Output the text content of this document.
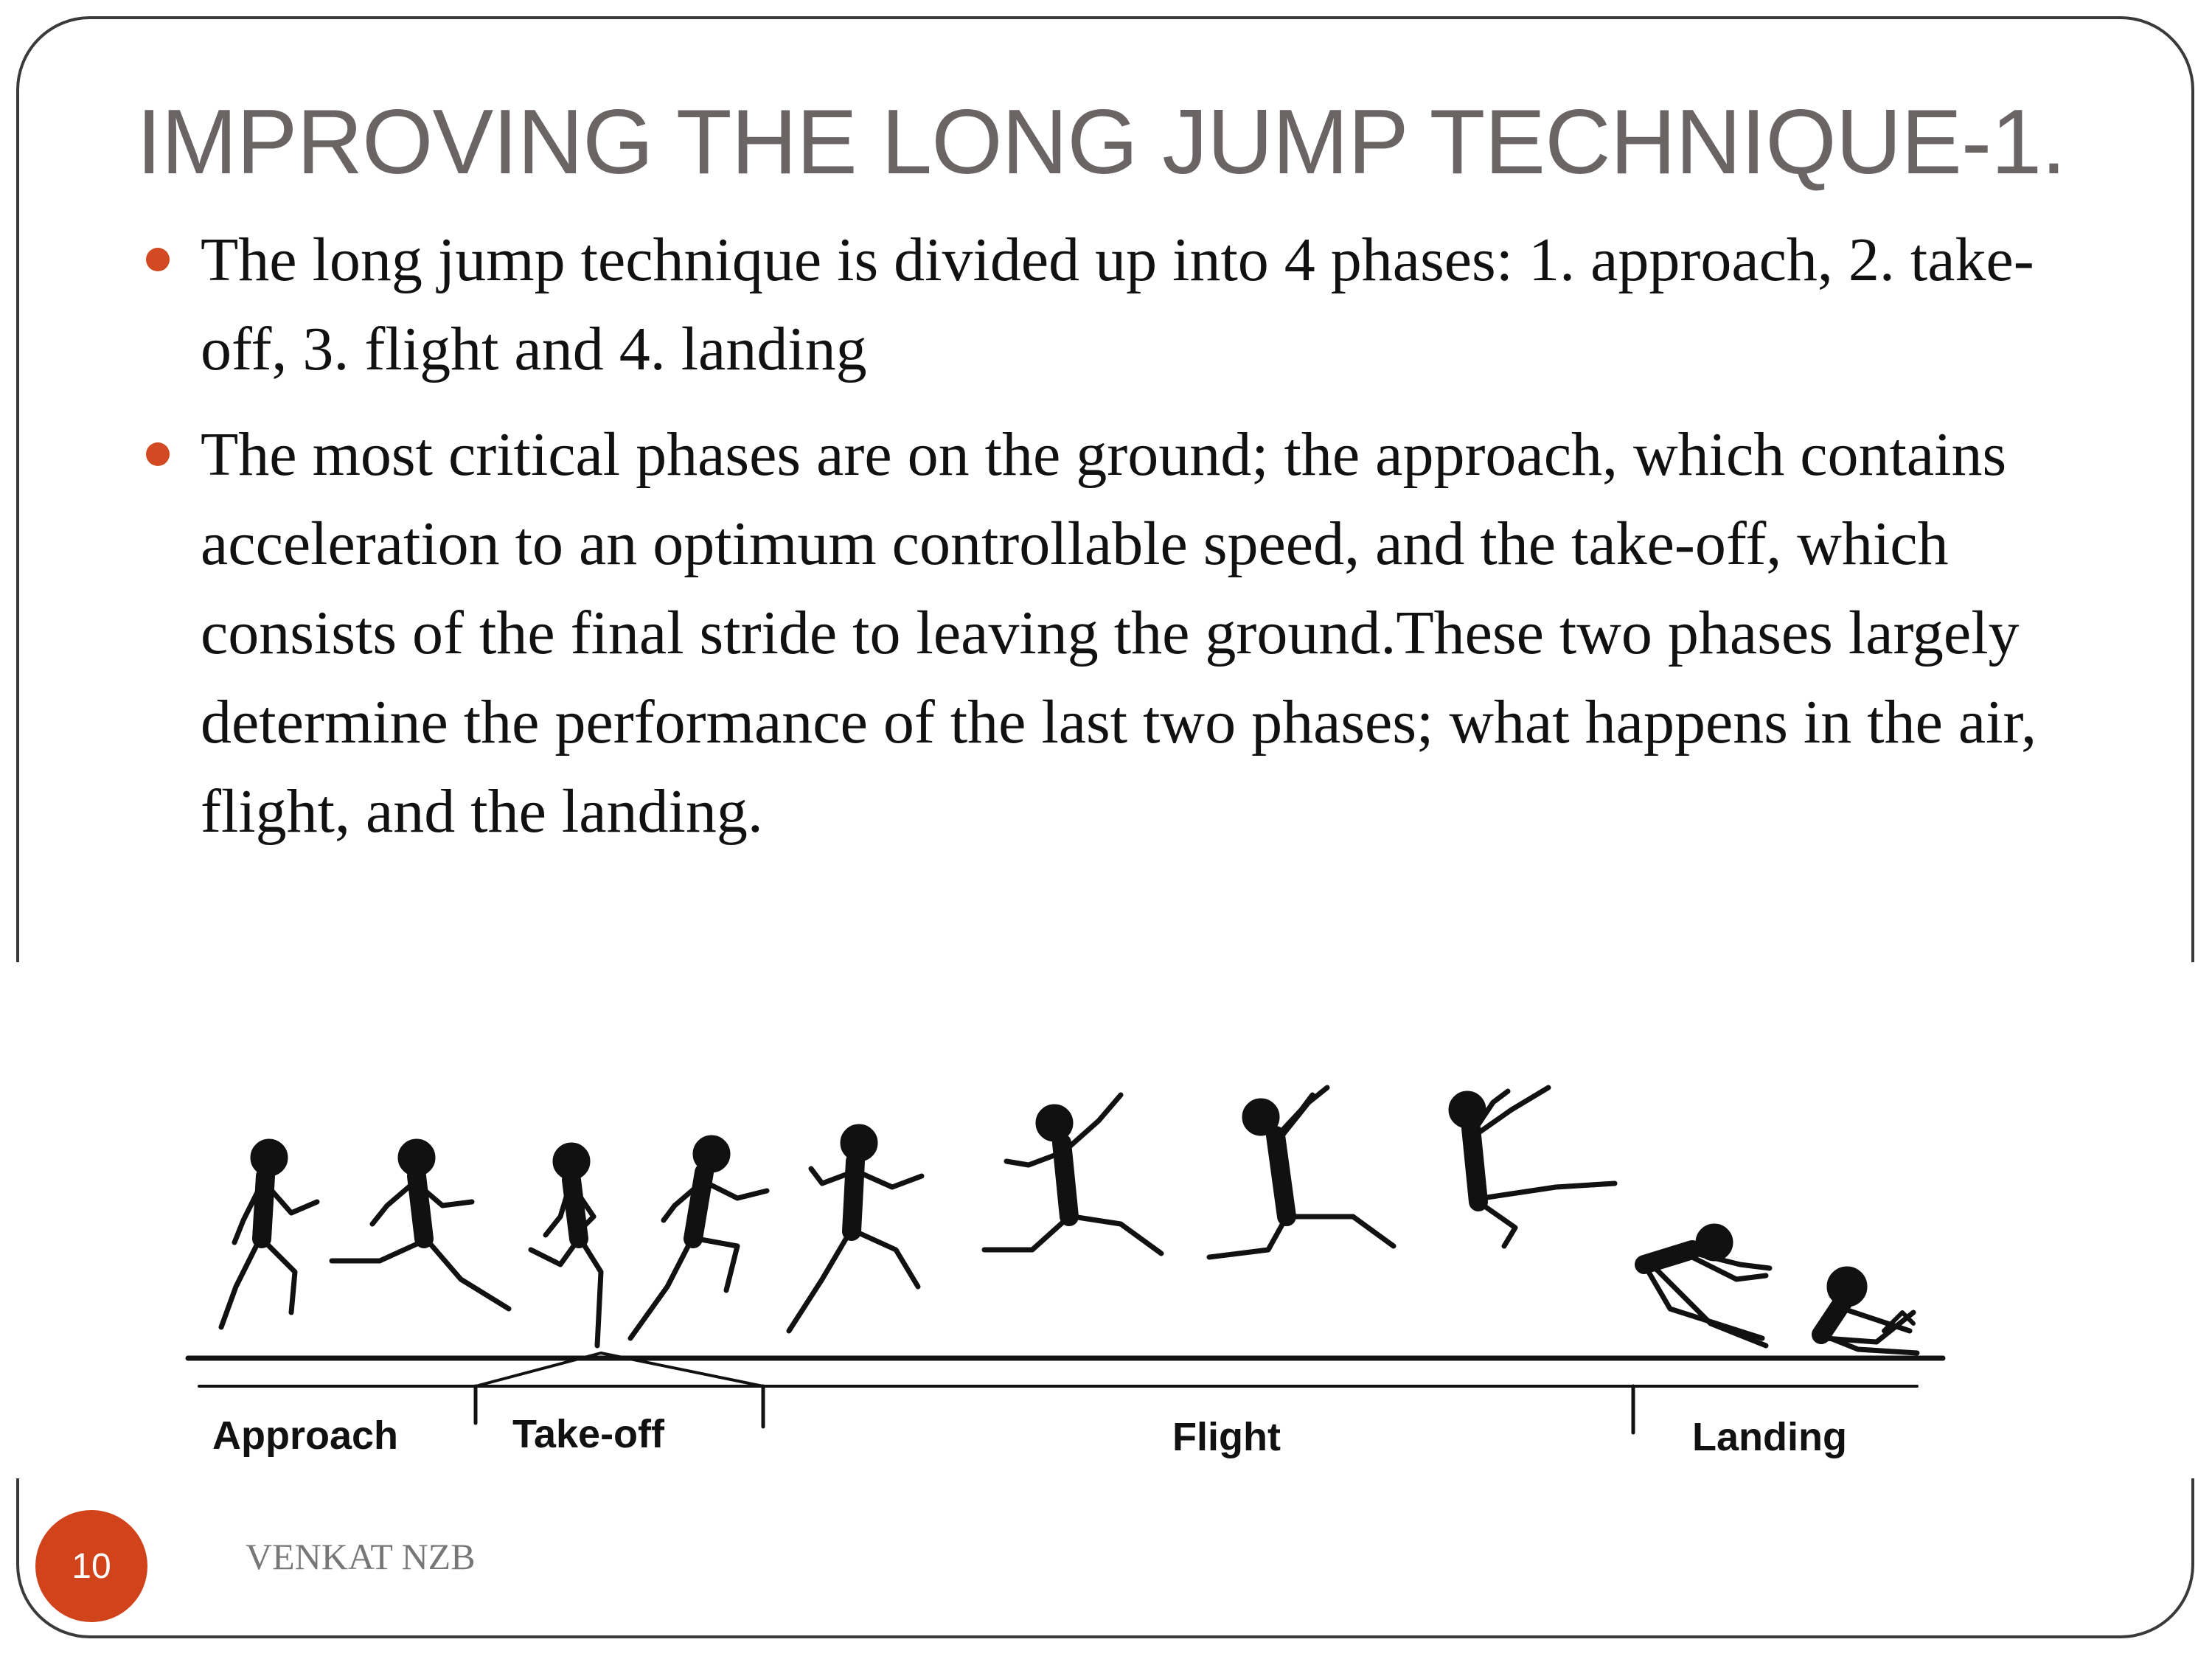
IMPROVING THE LONG JUMP TECHNIQUE-1.
The long jump technique is divided up into 4 phases: 1. approach, 2. take-off, 3. flight and 4. landing
The most critical phases are on the ground; the approach, which contains acceleration to an optimum controllable speed, and the take-off, which consists of the final stride to leaving the ground.These two phases largely determine the performance of the last two phases; what happens in the air, flight, and the landing.
Approach	Take-off	Flight	Landing
10	VENKAT NZB
